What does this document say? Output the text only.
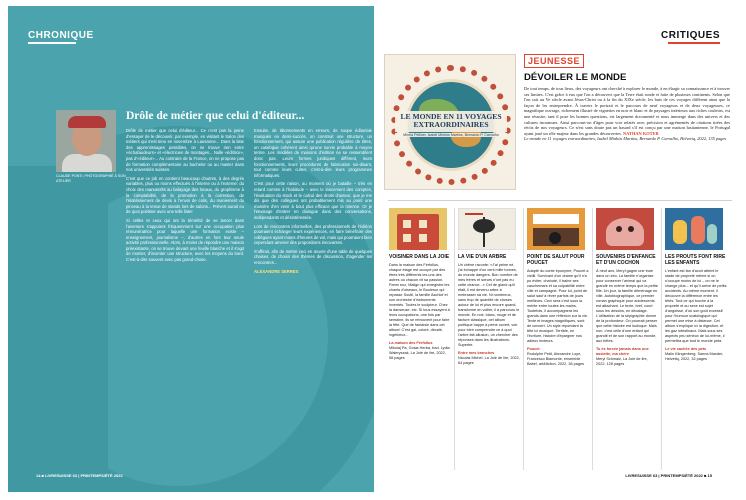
CHRONIQUE
CLAUDE PONTI, PHOTOGRAPHIÉ À SON ATELIER
Drôle de métier que celui d'éditeur...

Drôle de métier que celui d'éditeur... Ce n'est pas la peine d'essayer de le découvrir, par exemple, en visitant le Salon des métiers qui s'est tenu en novembre à Lausanne... Dans la liste des apprentissages possibles, on ne trouve rien entre «échafaudeurs» et «électricien de montages... Nulle «éditrice», pas d'«éditeur»... Au contraire de la France, on ne propose pas de formation complémentaire au bachelor ou au master dans nos universités suisses.

C'est que ce job en contient beaucoup d'autres, à des degrés variables, plus ou moins effectués à l'interne ou à l'externe: du choix des manuscrits au balayage des locaux, du graphisme à la comptabilité, de la promotion à la correction, de l'établissement de devis à l'envoi de colis, du maniement du pinceau à la tenue de stands lors de salons... Prévert aurait eu de quoi poétiser avec une telle liste!

Si celles et ceux qui ont la témérité de se lancer dans l'aventure s'appuient fréquemment sur une occupation plus rémunératrice pour laquelle une formation existe – enseignement, journalisme –, d'autres en font leur seule activité professionnelle. Alors, à moins de répondre une maison préexistante, on se trouve devant une feuille blanche et il s'agit de monter, d'inventer une structure, avec les moyens du bord. C'est-à-dire souvent avec pas grand-chose.

Ensuite, de tâtonnements en erreurs, de soupe éditoriale manqués en demi-succès, on construit une structure, un fonctionnement, qui assure une publication régulière de titres, un catalogue cohérent ainsi qu'une survie probable à moyen terme. Les modèles de maisons d'édition ne se ressemblent donc pas. Leurs formes juridiques diffèrent, leurs fonctionnements, leurs procédures de fabrication soi-disant, tout comme leurs cultes, c'est-à-dire leurs programmes informatiques.

C'est pour cette raison, au moment où je bataille – très en retard comme à l'habitude – avec le lancement des comptes, l'évaluation du stock et le calcul des droits d'auteur, que je me dis que des collègues ont probablement mis au point une manière d'en venir à bout plus efficace que la mienne. Or je l'envisage d'entrer en dialogue dans des conversations, indépendants et désintéressée.

Lors de rencontres informelles, des professionnels de l'édition pourraient échanger leurs expériences, en faire bénéficier des collègues ayant moins d'heures de vol, mais qui pourraient bien cependant amener des propositions innovantes.

S'uffirait, afin de mettre ceci en œuvre d'une table de quelques chaises, de choisir des thèmes de discussion, d'agender les rencontres...

ALEXANDRE SERRES

14 ■ LIVRESUISSE 63 | PRINTEMPS/ÉTÉ 2022
CRITIQUES
LIVRESUISSE 63 | PRINTEMPS/ÉTÉ 2022 ■ 15
LE MONDE EN 11 VOYAGES EXTRAORDINAIRES
Mireia Pellicer, Isabel Minhós Martins, Bernardo P. Carvalho
JEUNESSE
DÉVOILER LE MONDE
De tout temps, de tous lieux, des voyageurs ont cherché à explorer le monde, à en élargir sa connaissance et à trouver ses limites. C'est grâce à eux que l'on a découvert que la Terre était ronde et faite de plusieurs continents. Selon que l'on soit au Ve siècle avant Jésus-Christ ou à la fin du XIXe siècle, les buts de ces voyages diffèrent ainsi que la façon de les entreprendre. À travers le portrait et le parcours de neuf voyageurs et de deux voyageuses, ce magnifique ouvrage, richement illustré de vignettes en noir et blanc et de paysages intérieurs aux riches couleurs, est une réussite, tant il pose les bonnes questions, est largement documenté et nous immerge dans des univers et des cultures inconnues. Ainsi parcourt-on d'âges pour voir relatés avec précision et agrémentés de citations tirées des récits de nos voyageurs. Ce n'est sans doute pas un hasard s'il est conçu par une maison lusitanienne, le Portugal ayant joué un rôle majeur dans les grandes découvertes. NATHAN KOTER
Le monde en 11 voyages extraordinaires, Isabel Minhós Martins, Bernardo P. Carvalho, Helvetiq, 2022, 135 pages
VOISINER DANS LA JOIE
Dans la maison des Férfollus, chaque étage est occupé par des êtres très différents les uns des autres où chacun vit sa passion. Parmi eux, Malign qui enregistre les chants d'oiseaux, le Boulesur qui repasse Soutil, la famille Aschlof et son orchestre d'instruments inventés. Toutes le sculpteur. Chez la danseuse, etc. Si tous essayent à leurs occupations, une fois par semaine, ils se retrouvent pour faire la fête. Que de fantaisie dans cet album! C'est gai, coloré, décalé, ingénieux...
La maison des Férfollus
Mikolaj Pa, Gosia Herba, trad. Lydia Waleryszak, La Joie de lire, 2022, 56 pages
LA VIE D'UN ARBRE
Un chêne raconte: «J'ai peine né, j'ai échappé d'un cent mille tonnes, du monde dangers. Bon nombre de mes frères et sœurs n'ont pas eu cette chance...» Cet de gland qu'il était, il est devenu arbre à embrasser sa vie. Ni nombreux, sans trop de quantité de choses autour de lui et plus encore quand, transformé en voilier, il a parcouru le monde. En noir, blanc, rouge et de facture classique, cet album poétique happe à peine ouvert, voir pour bien comprendre ce à quoi l'arbre fait allusion, un chercher des réponses dans les illustrations. Superbe.
Entre mes branches
Nicolas Michel, La Joie de lire, 2022, 64 pages
POINT DE SALUT POUR POUCET
Adapté du conte éponyme, Poucet a vieilli. Survivant d'un drame qu'il n'a pu éviter, chahuté, il traîne ses cauchemars et sa culpabilité entre ville et campagne. Pour lui, point de salut sauf à rêver parfois de jours meilleurs. Ceci sera c'est sous la mérite entre toutes les mains. Toutefois, il accompagnera les grands dans une réflexion sur la vie. Texte et images magnifiques, sont de concert. Un style répondant la tête ici musique. Terrible, en l'écriture, histoire d'épargner nos adieux lecteurs.
Poucet
Rodolphe Petit, Alexandre Loye, Francesco Biamonte, ensemble Babel, art&fiction, 2022, 36 pages
SOUVENIRS D'ENFANCE ET D'UN COCHON
À neuf ans, Meryl gagne une truie dans un loto. La famille n'organise pour conserver l'animal qui va grandir en même temps que la petite fille. Un jour, la famille déménage en ville. Autobiographique, ce premier roman graphique pour adolescents est attachant. Le texte, bref, court sous les dessins, en décalage. L'utilisation de la sépigraphie donne de la profondeur. On pourrait penser que cette histoire est loufoque. Mais non, c'est celle d'une enfant qui grandit et de son rapport au monde, aux bêtes.
Tu es forcée jamais dans une assiette, ma chère
Meryl Schmalz, La Joie de lire, 2022, 128 pages
LES PROUTS FONT RIRE LES ENFANTS
L'enfant est fan d'avoir atteint le stade de propreté même si on s'occupe moins de lui – on ne le change plus – et qu'il arrive de petits accidents. Au même moment, il découvre la différence entre les tétés. Tout ce qui touche à la propreté et au sexe est sujet d'angoisse, d'où son goût excessif pour l'humour scatologique qui permet une mise à distance. Cet album s'explique ici la digestion, et les gaz intestinaux. Mais sous ses aspects peu sérieux de lui-même, il permettra que tout le monde peta.
Le vie cachée des pets
Malin Klingenberg, Sanna Mander, Helvetiq, 2022, 32 pages
